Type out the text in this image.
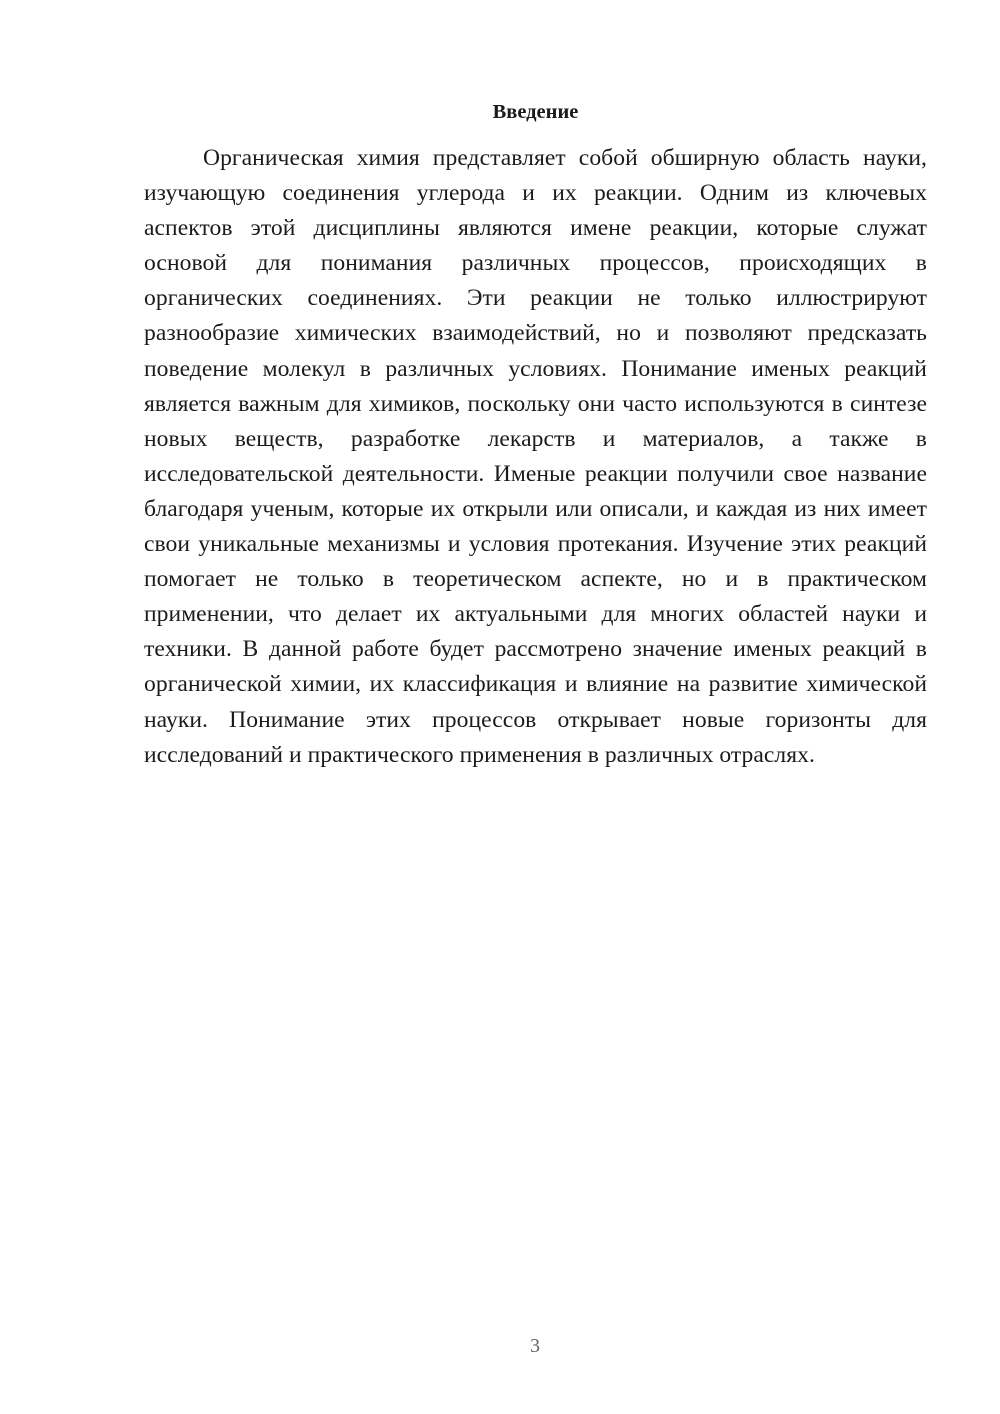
Введение

Органическая химия представляет собой обширную область науки, изучающую соединения углерода и их реакции. Одним из ключевых аспектов этой дисциплины являются имене реакции, которые служат основой для понимания различных процессов, происходящих в органических соединениях. Эти реакции не только иллюстрируют разнообразие химических взаимодействий, но и позволяют предсказать поведение молекул в различных условиях. Понимание именых реакций является важным для химиков, поскольку они часто используются в синтезе новых веществ, разработке лекарств и материалов, а также в исследовательской деятельности. Именые реакции получили свое название благодаря ученым, которые их открыли или описали, и каждая из них имеет свои уникальные механизмы и условия протекания. Изучение этих реакций помогает не только в теоретическом аспекте, но и в практическом применении, что делает их актуальными для многих областей науки и техники. В данной работе будет рассмотрено значение именых реакций в органической химии, их классификация и влияние на развитие химической науки. Понимание этих процессов открывает новые горизонты для исследований и практического применения в различных отраслях.

3
